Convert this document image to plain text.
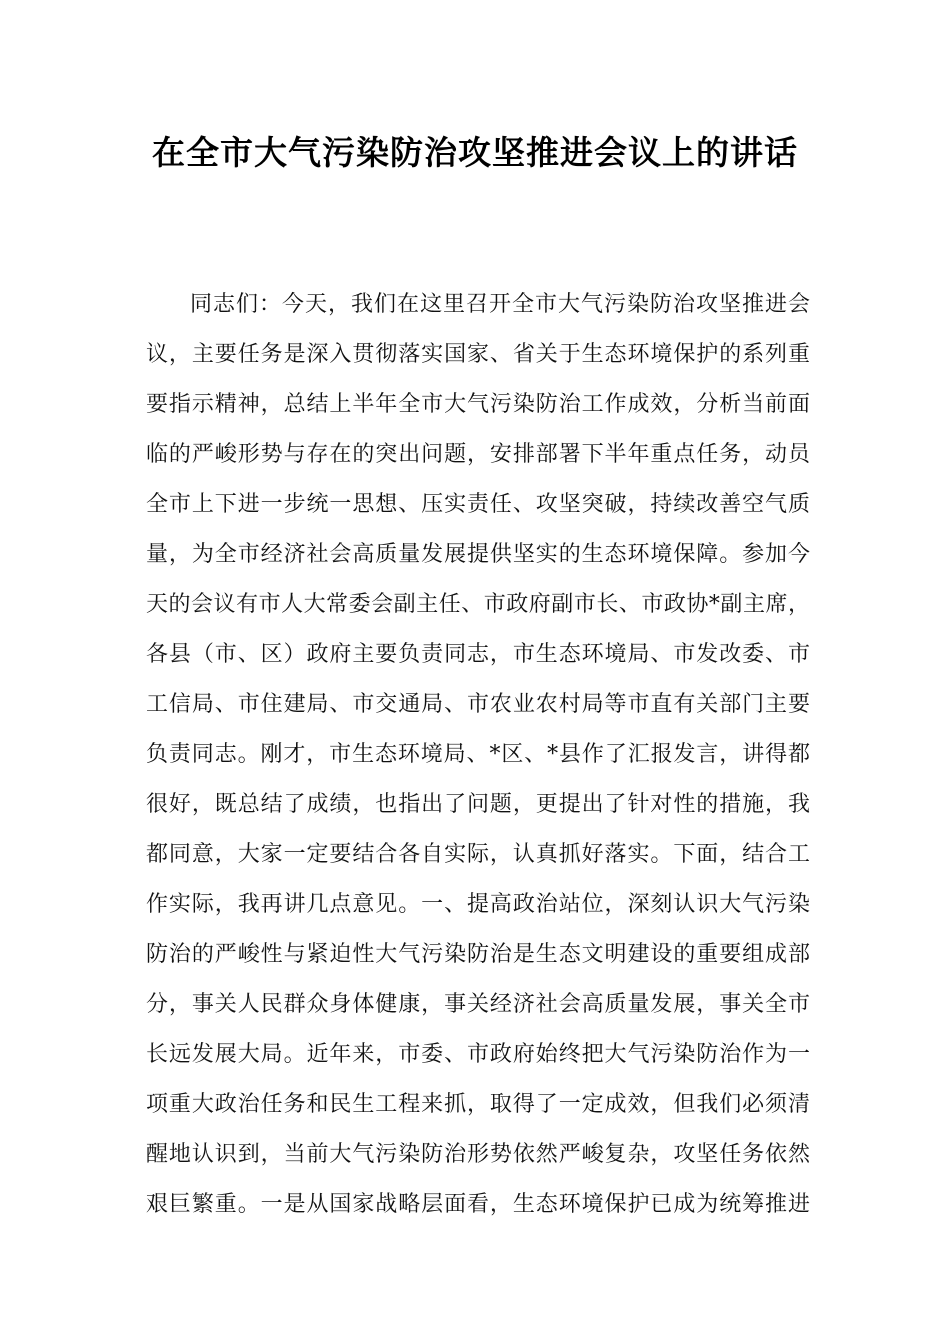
在全市大气污染防治攻坚推进会议上的讲话
同志们：今天，我们在这里召开全市大气污染防治攻坚推进会
议，主要任务是深入贯彻落实国家、省关于生态环境保护的系列重
要指示精神，总结上半年全市大气污染防治工作成效，分析当前面
临的严峻形势与存在的突出问题，安排部署下半年重点任务，动员
全市上下进一步统一思想、压实责任、攻坚突破，持续改善空气质
量，为全市经济社会高质量发展提供坚实的生态环境保障。参加今
天的会议有市人大常委会副主任、市政府副市长、市政协*副主席，
各县（市、区）政府主要负责同志，市生态环境局、市发改委、市
工信局、市住建局、市交通局、市农业农村局等市直有关部门主要
负责同志。刚才，市生态环境局、*区、*县作了汇报发言，讲得都
很好，既总结了成绩，也指出了问题，更提出了针对性的措施，我
都同意，大家一定要结合各自实际，认真抓好落实。下面，结合工
作实际，我再讲几点意见。一、提高政治站位，深刻认识大气污染
防治的严峻性与紧迫性大气污染防治是生态文明建设的重要组成部
分，事关人民群众身体健康，事关经济社会高质量发展，事关全市
长远发展大局。近年来，市委、市政府始终把大气污染防治作为一
项重大政治任务和民生工程来抓，取得了一定成效，但我们必须清
醒地认识到，当前大气污染防治形势依然严峻复杂，攻坚任务依然
艰巨繁重。一是从国家战略层面看，生态环境保护已成为统筹推进
